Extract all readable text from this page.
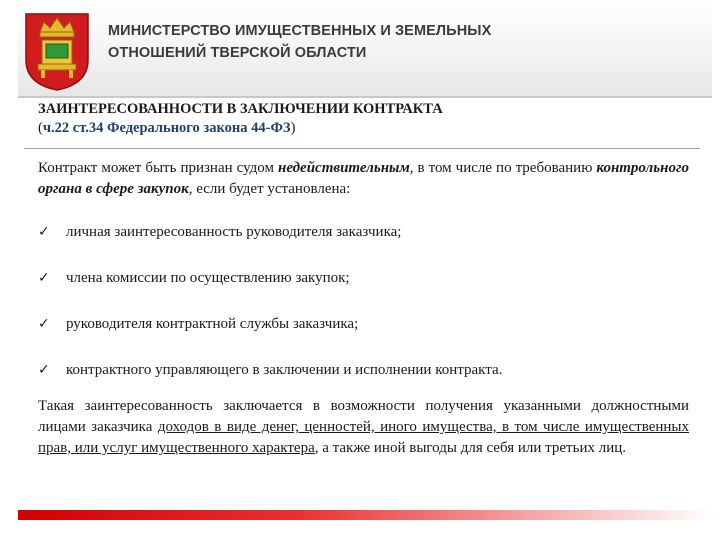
МИНИСТЕРСТВО ИМУЩЕСТВЕННЫХ И ЗЕМЕЛЬНЫХ
ОТНОШЕНИЙ ТВЕРСКОЙ ОБЛАСТИ
ЗАИНТЕРЕСОВАННОСТИ В ЗАКЛЮЧЕНИИ КОНТРАКТА
(ч.22 ст.34 Федерального закона 44-ФЗ)
Контракт может быть признан судом недействительным, в том числе по требованию контрольного органа в сфере закупок, если будет установлена:
✓ личная заинтересованность руководителя заказчика;
✓ члена комиссии по осуществлению закупок;
✓ руководителя контрактной службы заказчика;
✓ контрактного управляющего в заключении и исполнении контракта.
Такая заинтересованность заключается в возможности получения указанными должностными лицами заказчика доходов в виде денег, ценностей, иного имущества, в том числе имущественных прав, или услуг имущественного характера, а также иной выгоды для себя или третьих лиц.
